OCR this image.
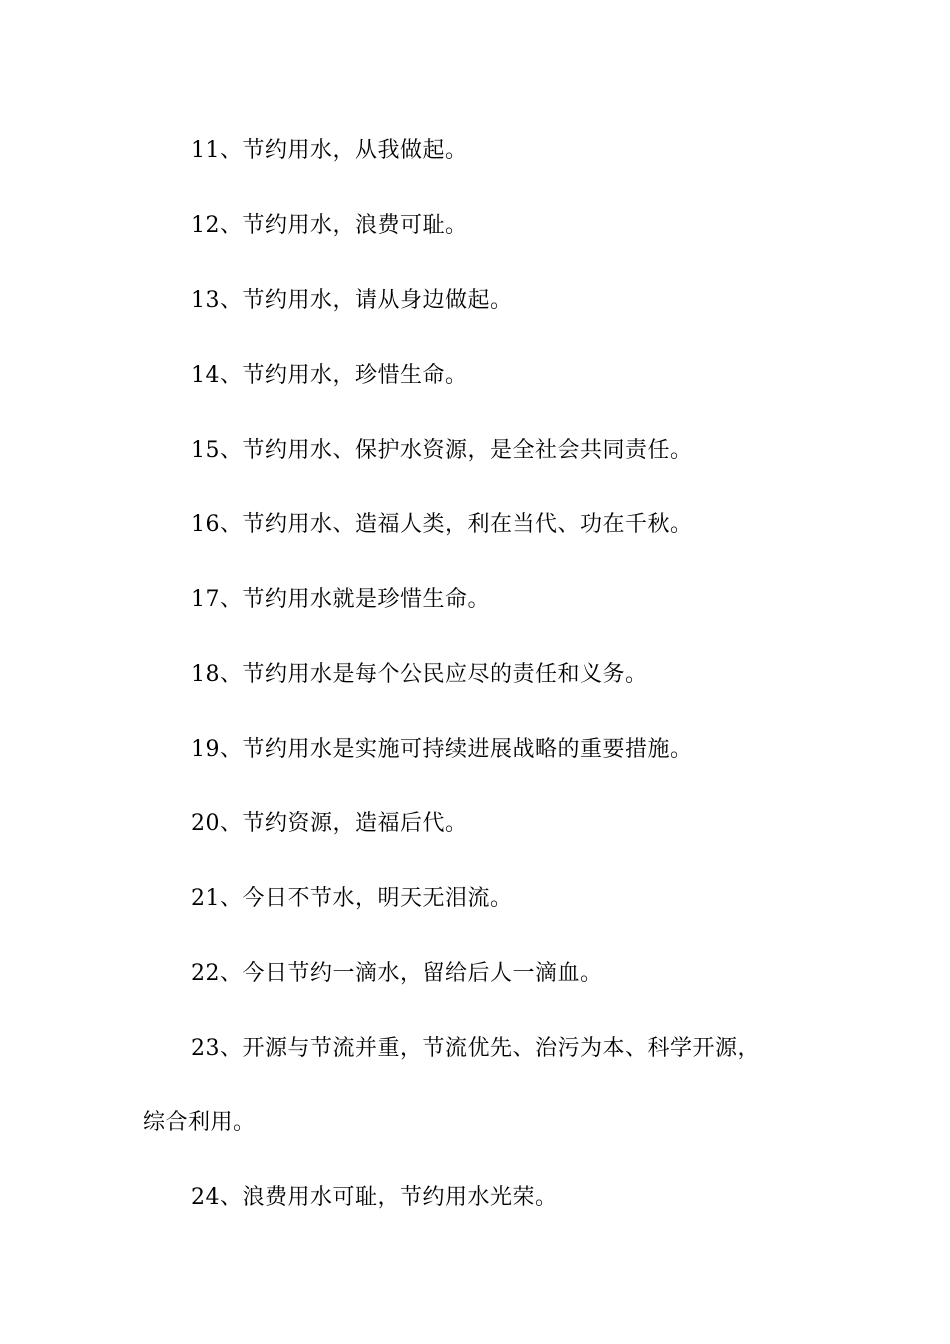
11、节约用水，从我做起。
12、节约用水，浪费可耻。
13、节约用水，请从身边做起。
14、节约用水，珍惜生命。
15、节约用水、保护水资源，是全社会共同责任。
16、节约用水、造福人类，利在当代、功在千秋。
17、节约用水就是珍惜生命。
18、节约用水是每个公民应尽的责任和义务。
19、节约用水是实施可持续进展战略的重要措施。
20、节约资源，造福后代。
21、今日不节水，明天无泪流。
22、今日节约一滴水，留给后人一滴血。
23、开源与节流并重，节流优先、治污为本、科学开源，
综合利用。
24、浪费用水可耻，节约用水光荣。
